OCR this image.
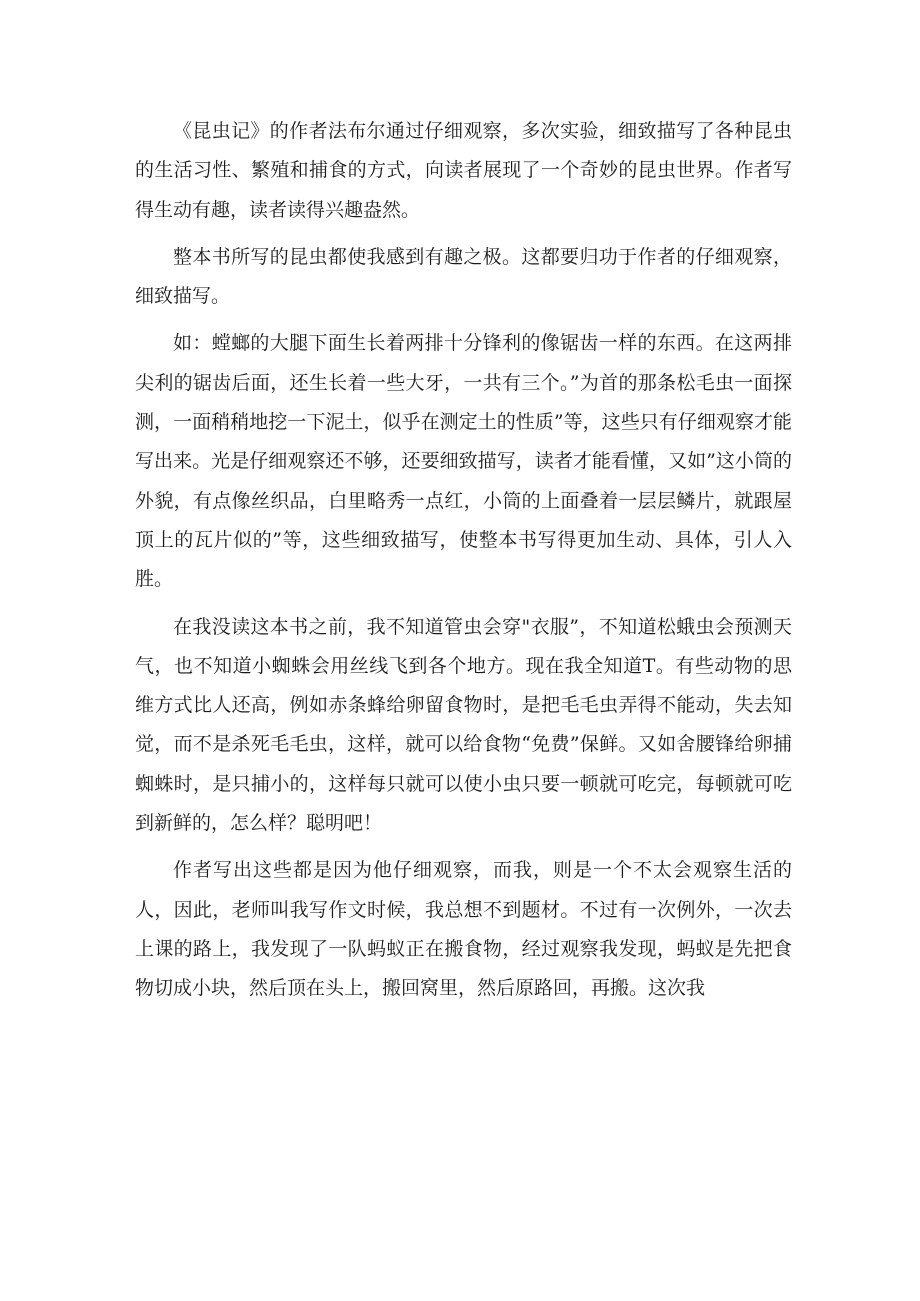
《昆虫记》的作者法布尔通过仔细观察，多次实验，细致描写了各种昆虫的生活习性、繁殖和捕食的方式，向读者展现了一个奇妙的昆虫世界。作者写得生动有趣，读者读得兴趣盎然。

整本书所写的昆虫都使我感到有趣之极。这都要归功于作者的仔细观察，细致描写。

如：螳螂的大腿下面生长着两排十分锋利的像锯齿一样的东西。在这两排尖利的锯齿后面，还生长着一些大牙，一共有三个。”为首的那条松毛虫一面探测，一面稍稍地挖一下泥土，似乎在测定土的性质”等，这些只有仔细观察才能写出来。光是仔细观察还不够，还要细致描写，读者才能看懂，又如”这小筒的外貌，有点像丝织品，白里略秀一点红，小筒的上面叠着一层层鳞片，就跟屋顶上的瓦片似的”等，这些细致描写，使整本书写得更加生动、具体，引人入胜。

在我没读这本书之前，我不知道管虫会穿"衣服”，不知道松蛾虫会预测天气，也不知道小蜘蛛会用丝线飞到各个地方。现在我全知道T。有些动物的思维方式比人还高，例如赤条蜂给卵留食物时，是把毛毛虫弄得不能动，失去知觉，而不是杀死毛毛虫，这样，就可以给食物“免费”保鲜。又如舍腰锋给卵捕蜘蛛时，是只捕小的，这样每只就可以使小虫只要一顿就可吃完，每顿就可吃到新鲜的，怎么样？聪明吧！

作者写出这些都是因为他仔细观察，而我，则是一个不太会观察生活的人，因此，老师叫我写作文时候，我总想不到题材。不过有一次例外，一次去上课的路上，我发现了一队蚂蚁正在搬食物，经过观察我发现，蚂蚁是先把食物切成小块，然后顶在头上，搬回窝里，然后原路回，再搬。这次我
